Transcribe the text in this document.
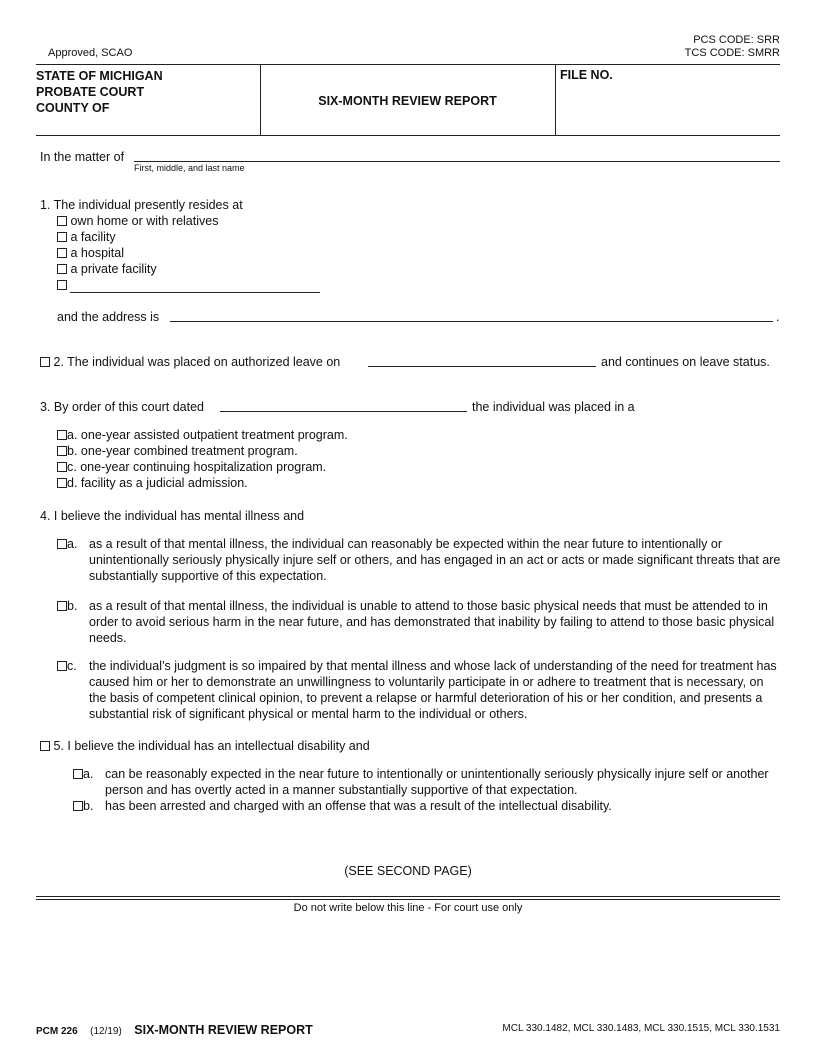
Approved, SCAO
PCS CODE: SRR
TCS CODE: SMRR
STATE OF MICHIGAN
PROBATE COURT
COUNTY OF	SIX-MONTH REVIEW REPORT
FILE NO.
In the matter of
First, middle, and last name
1. The individual presently resides at
own home or with relatives
a facility
a hospital
a private facility

and the address is	.
2. The individual was placed on authorized leave on	and continues on leave status.
3. By order of this court dated	the individual was placed in a
a. one-year assisted outpatient treatment program.
b. one-year combined treatment program.
c. one-year continuing hospitalization program.
d. facility as a judicial admission.
4. I believe the individual has mental illness and
a. as a result of that mental illness, the individual can reasonably be expected within the near future to intentionally or unintentionally seriously physically injure self or others, and has engaged in an act or acts or made significant threats that are substantially supportive of this expectation.
b. as a result of that mental illness, the individual is unable to attend to those basic physical needs that must be attended to in order to avoid serious harm in the near future, and has demonstrated that inability by failing to attend to those basic physical needs.
c. the individual’s judgment is so impaired by that mental illness and whose lack of understanding of the need for treatment has caused him or her to demonstrate an unwillingness to voluntarily participate in or adhere to treatment that is necessary, on the basis of competent clinical opinion, to prevent a relapse or harmful deterioration of his or her condition, and presents a substantial risk of significant physical or mental harm to the individual or others.
5. I believe the individual has an intellectual disability and
a. can be reasonably expected in the near future to intentionally or unintentionally seriously physically injure self or another person and has overtly acted in a manner substantially supportive of that expectation.
b. has been arrested and charged with an offense that was a result of the intellectual disability.
(SEE SECOND PAGE)
Do not write below this line - For court use only
PCM 226 (12/19) SIX-MONTH REVIEW REPORT	MCL 330.1482, MCL 330.1483, MCL 330.1515, MCL 330.1531
